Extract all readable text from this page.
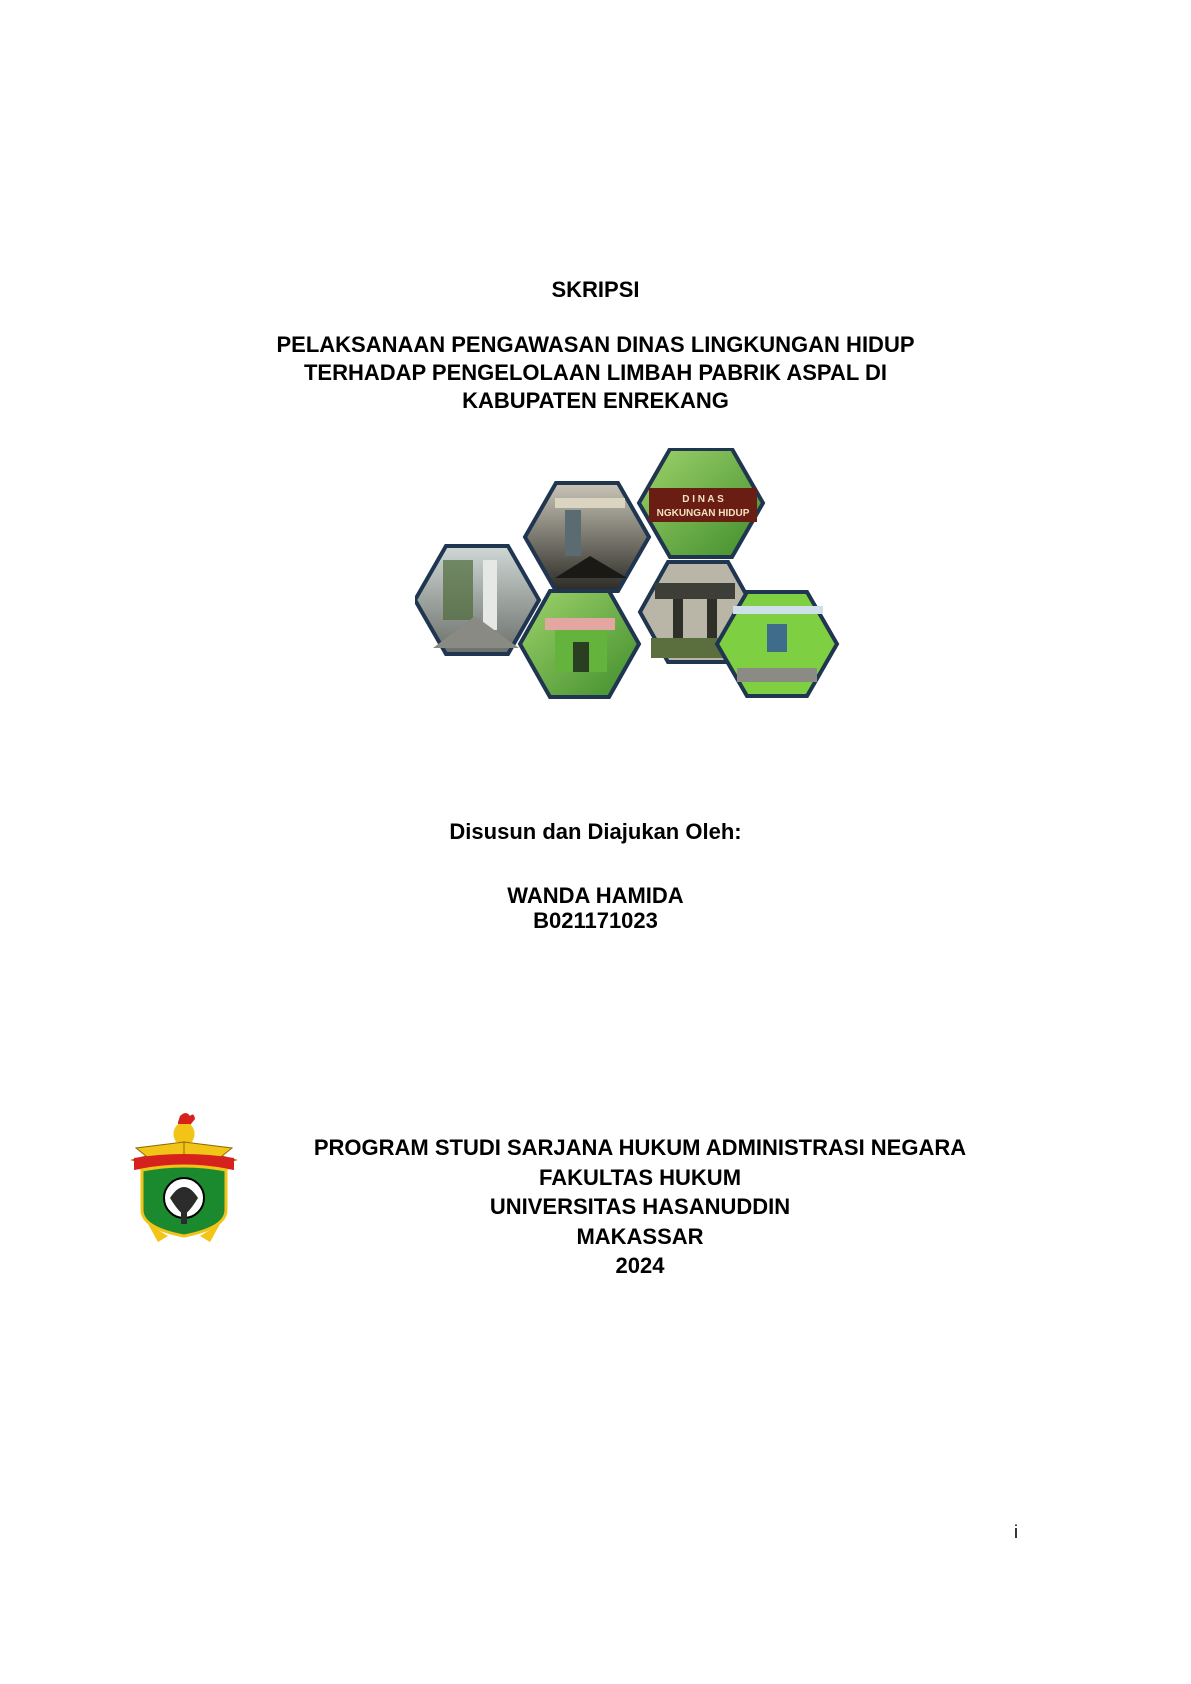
SKRIPSI
PELAKSANAAN PENGAWASAN DINAS LINGKUNGAN HIDUP
TERHADAP PENGELOLAAN LIMBAH PABRIK ASPAL DI
KABUPATEN ENREKANG
D I N A S
NGKUNGAN HIDUP
Disusun dan Diajukan Oleh:
WANDA HAMIDA
B021171023
PROGRAM STUDI SARJANA HUKUM ADMINISTRASI NEGARA
FAKULTAS HUKUM
UNIVERSITAS HASANUDDIN
MAKASSAR
2024
i
